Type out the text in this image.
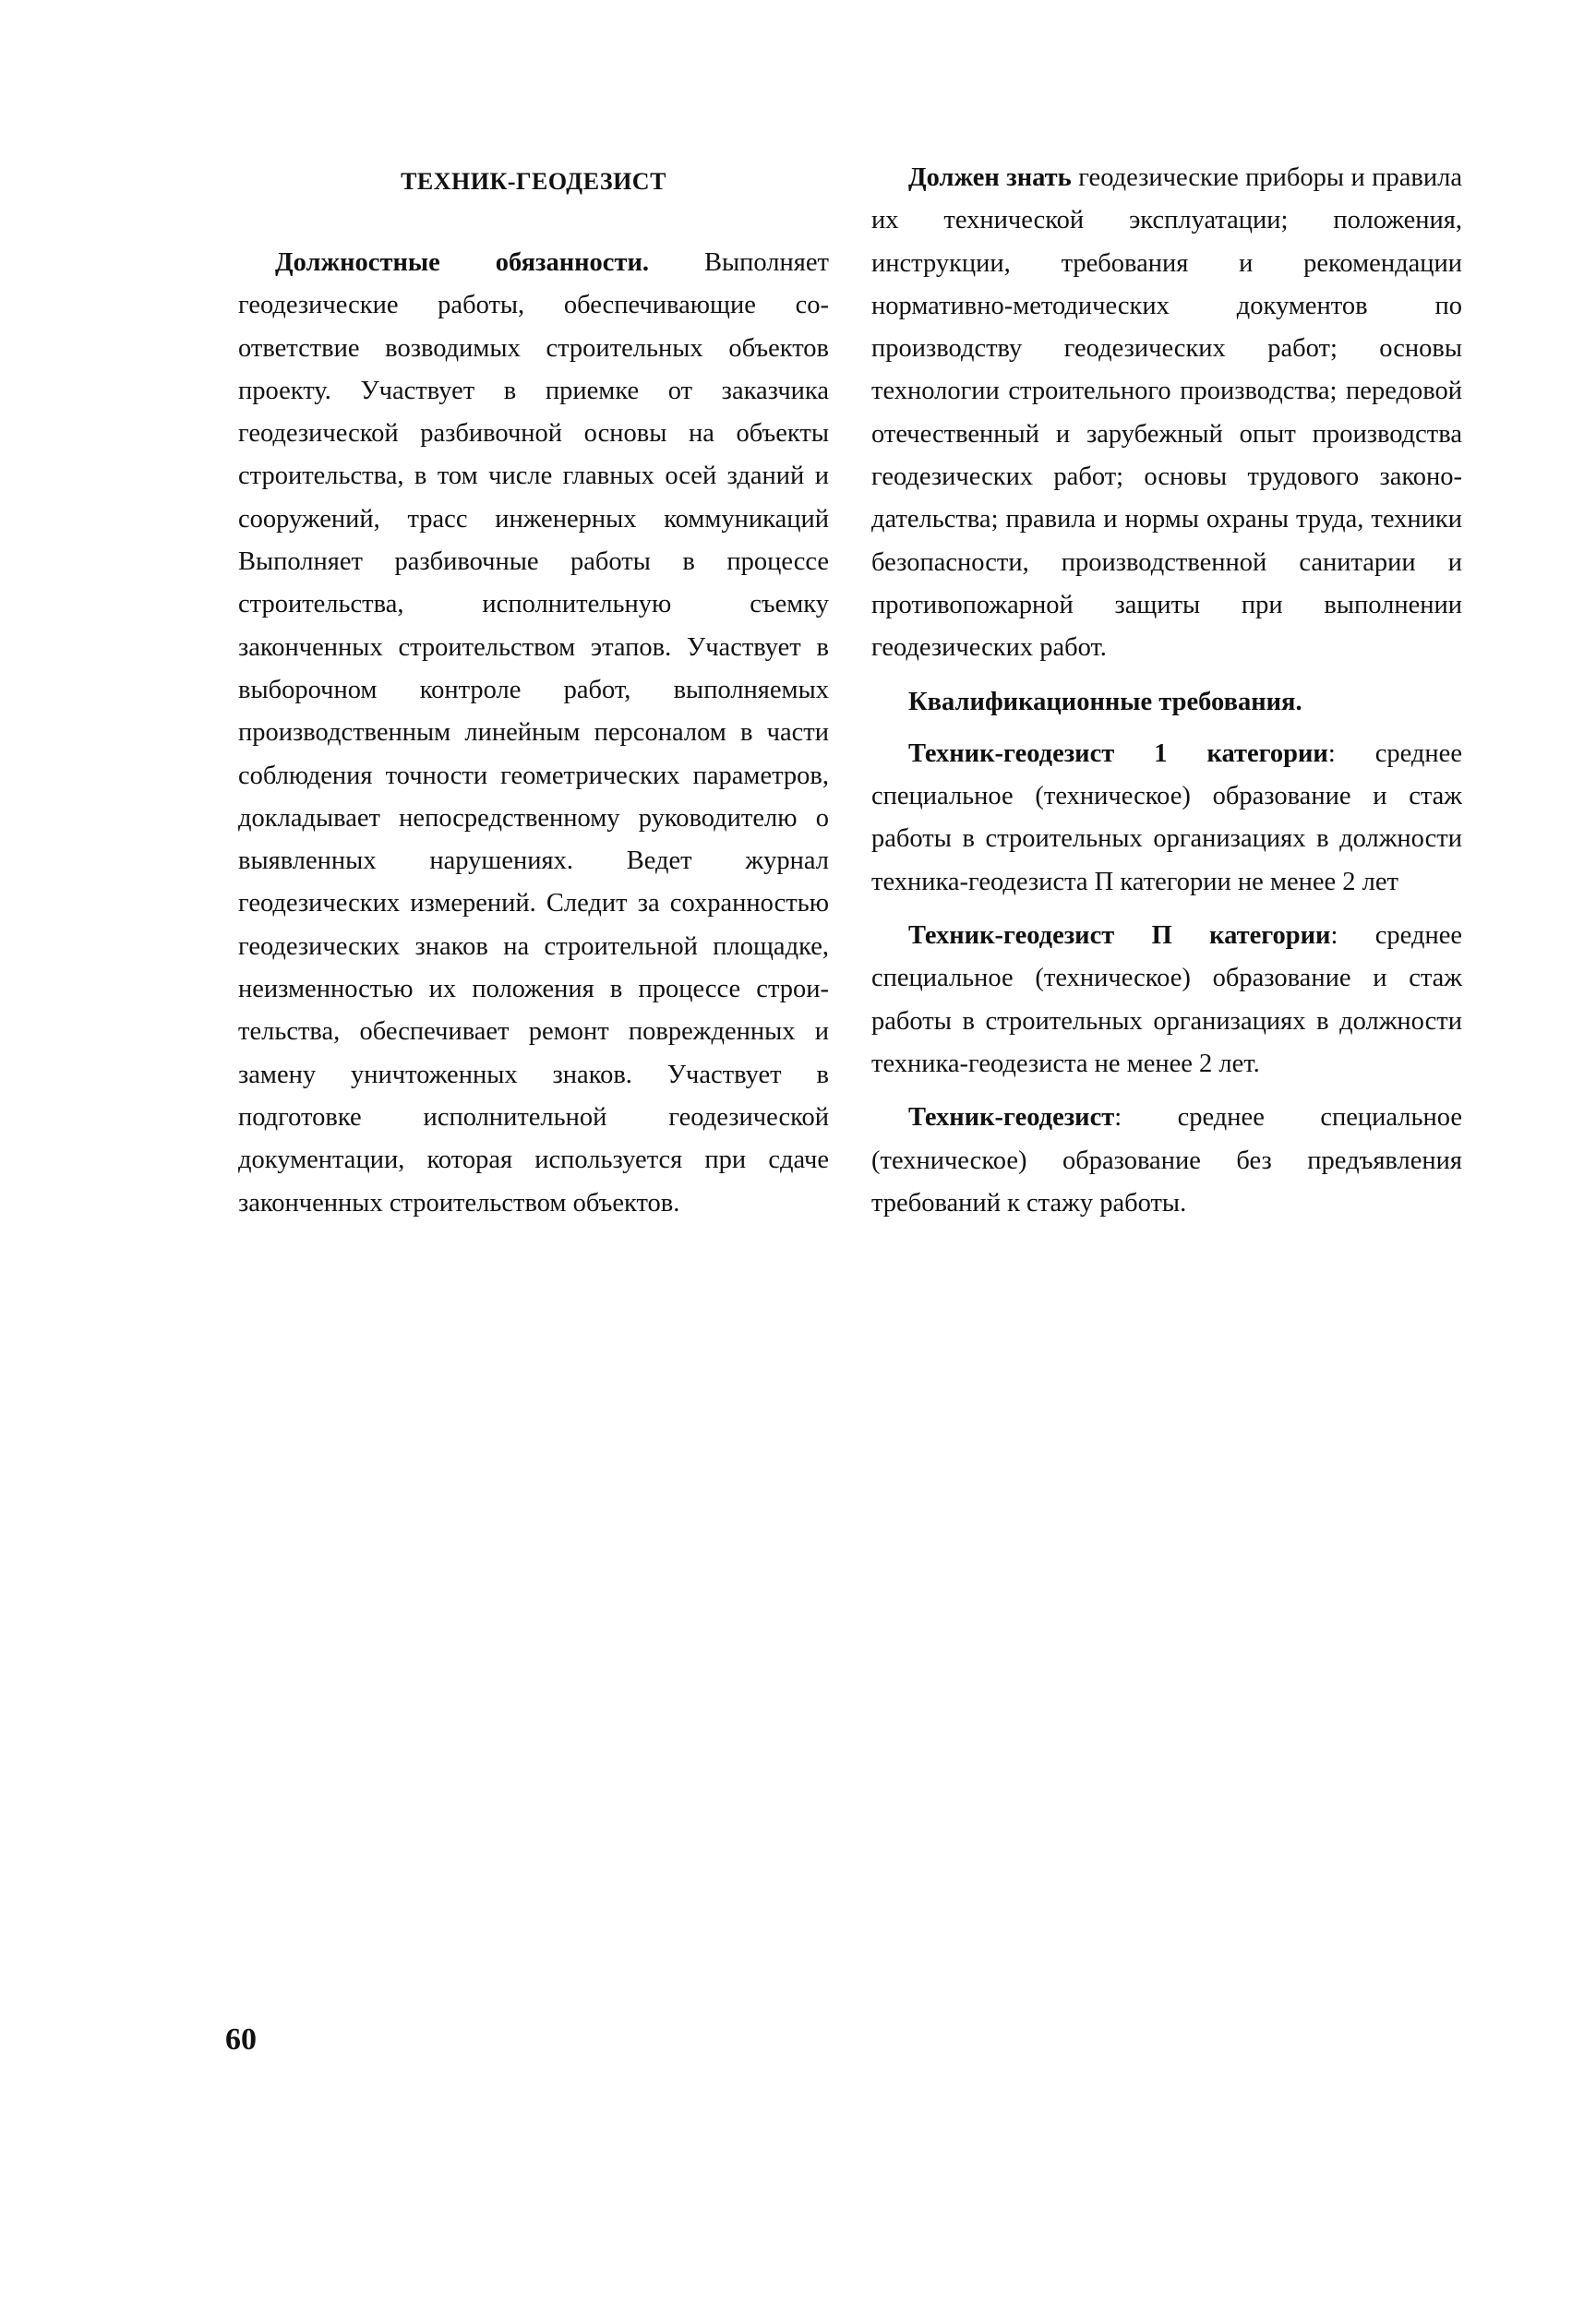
ТЕХНИК-ГЕОДЕЗИСТ

Должностные обязанности. Выполняет геодезические работы, обеспечивающие соответствие возводимых строительных объектов проекту. Участвует в приемке от заказчика геодезической разбивочной основы на объекты строительства, в том числе главных осей зданий и сооружений, трасс инженерных коммуникаций Выполняет разбивочные работы в процессе строительства, исполнительную съемку законченных строительством этапов. Участвует в выборочном контроле работ, выполняемых производственным линейным персоналом в части соблюдения точности геометрических параметров, докладывает непосредственному руководителю о выявленных нарушениях. Ведет журнал геодезических измерений. Следит за сохранностью геодезических знаков на строительной площадке, неизменностью их положения в процессе строительства, обеспечивает ремонт поврежденных и замену уничтоженных знаков. Участвует в подготовке исполнительной геодезической документации, которая используется при сдаче законченных строительством объектов.

Должен знать геодезические приборы и правила их технической эксплуатации; положения, инструкции, требования и рекомендации нормативно-методических документов по производству геодезических работ; основы технологии строительного производства; передовой отечественный и зарубежный опыт производства геодезических работ; основы трудового законодательства; правила и нормы охраны труда, техники безопасности, производственной санитарии и противопожарной защиты при выполнении геодезических работ.

Квалификационные требования.

Техник-геодезист 1 категории: среднее специальное (техническое) образование и стаж работы в строительных организациях в должности техника-геодезиста П категории не менее 2 лет

Техник-геодезист П категории: среднее специальное (техническое) образование и стаж работы в строительных организациях в должности техника-геодезиста не менее 2 лет.

Техник-геодезист: среднее специальное (техническое) образование без предъявления требований к стажу работы.

60
